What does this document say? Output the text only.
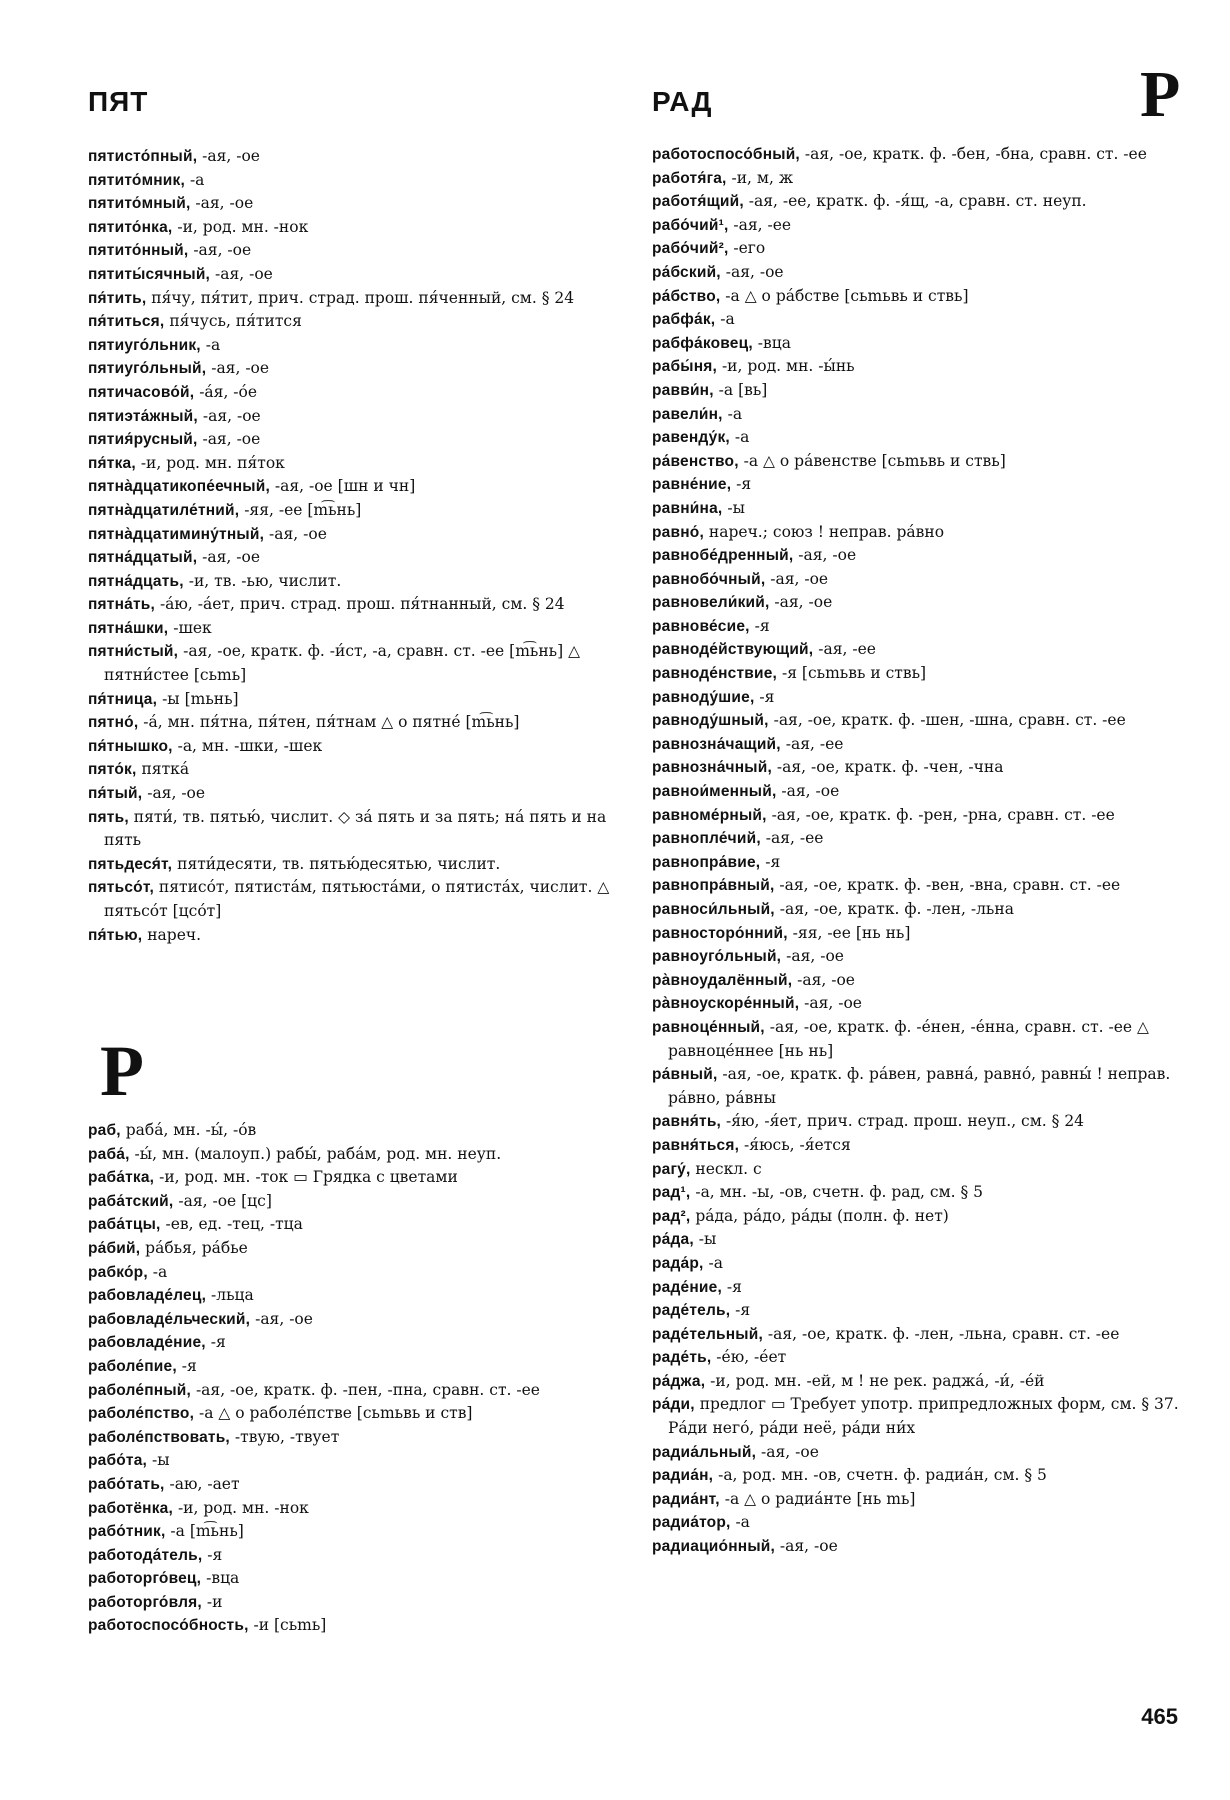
ПЯТ	РАД	Р

пятисто́пный, -ая, -ое

пятито́мник, -а

пятито́мный, -ая, -ое

пятито́нка, -и, род. мн. -нок

пятито́нный, -ая, -ое

пятиты́сячный, -ая, -ое

пя́тить, пя́чу, пя́тит, прич. страд. прош. пя́ченный, см. § 24

пя́титься, пя́чусь, пя́тится

пятиуго́льник, -а

пятиуго́льный, -ая, -ое

пятичасово́й, -а́я, -о́е

пятиэта́жный, -ая, -ое

пятия́русный, -ая, -ое

пя́тка, -и, род. мн. пя́ток

пятна̀дцатикопе́ечный, -ая, -ое [шн и чн]

пятна̀дцатиле́тний, -яя, -ее [m͡ьнь]

пятна̀дцатимину́тный, -ая, -ое

пятна́дцатый, -ая, -ое

пятна́дцать, -и, тв. -ью, числит.

пятна́ть, -а́ю, -а́ет, прич. страд. прош. пя́тнанный, см. § 24

пятна́шки, -шек

пятни́стый, -ая, -ое, кратк. ф. -и́ст, -а, сравн. ст. -ее [m͡ьнь] △ пятни́стее [cьmь]

пя́тница, -ы [mьнь]

пятно́, -а́, мн. пя́тна, пя́тен, пя́тнам △ о пятне́ [m͡ьнь]

пя́тнышко, -а, мн. -шки, -шек

пято́к, пятка́

пя́тый, -ая, -ое

пять, пяти́, тв. пятью́, числит. ◇ за́ пять и за пять; на́ пять и на пять

пятьдеся́т, пяти́десяти, тв. пятью́десятью, числит.

пятьсо́т, пятисо́т, пятиста́м, пятьюста́ми, о пятиста́х, числит. △ пятьсо́т [цсо́т]

пя́тью, нареч.

Р

раб, раба́, мн. -ы́, -о́в

раба́, -ы́, мн. (малоуп.) рабы́, раба́м, род. мн. неуп.

раба́тка, -и, род. мн. -ток ▭ Грядка с цветами

раба́тский, -ая, -ое [цс]

раба́тцы, -ев, ед. -тец, -тца

ра́бий, ра́бья, ра́бье

рабко́р, -а

рабовладе́лец, -льца

рабовладе́льческий, -ая, -ое

рабовладе́ние, -я

раболе́пие, -я

раболе́пный, -ая, -ое, кратк. ф. -пен, -пна, сравн. ст. -ее

раболе́пство, -а △ о раболе́пстве [cьmьвь и ств]

раболе́пствовать, -твую, -твует

рабо́та, -ы

рабо́тать, -аю, -ает

работёнка, -и, род. мн. -нок

рабо́тник, -а [m͡ьнь]

работода́тель, -я

работорго́вец, -вца

работорго́вля, -и

работоспосо́бность, -и [cьmь]

работоспосо́бный, -ая, -ое, кратк. ф. -бен, -бна, сравн. ст. -ее

работя́га, -и, м, ж

работя́щий, -ая, -ее, кратк. ф. -я́щ, -а, сравн. ст. неуп.

рабо́чий¹, -ая, -ее

рабо́чий², -его

ра́бский, -ая, -ое

ра́бство, -а △ о ра́бстве [cьmьвь и ствь]

рабфа́к, -а

рабфа́ковец, -вца

рабы́ня, -и, род. мн. -ы́нь

равви́н, -а [вь]

равели́н, -а

равенду́к, -а

ра́венство, -а △ о ра́венстве [cьmьвь и ствь]

равне́ние, -я

равни́на, -ы

равно́, нареч.; союз ! неправ. ра́вно

равнобе́дренный, -ая, -ое

равнобо́чный, -ая, -ое

равновели́кий, -ая, -ое

равнове́сие, -я

равноде́йствующий, -ая, -ее

равноде́нствие, -я [cьmьвь и ствь]

равноду́шие, -я

равноду́шный, -ая, -ое, кратк. ф. -шен, -шна, сравн. ст. -ее

равнозна́чащий, -ая, -ее

равнозна́чный, -ая, -ое, кратк. ф. -чен, -чна

равнои́менный, -ая, -ое

равноме́рный, -ая, -ое, кратк. ф. -рен, -рна, сравн. ст. -ее

равнопле́чий, -ая, -ее

равнопра́вие, -я

равнопра́вный, -ая, -ое, кратк. ф. -вен, -вна, сравн. ст. -ее

равноси́льный, -ая, -ое, кратк. ф. -лен, -льна

равносторо́нний, -яя, -ее [нь нь]

равноуго́льный, -ая, -ое

ра̀вноудалённый, -ая, -ое

ра̀вноускоре́нный, -ая, -ое

равноце́нный, -ая, -ое, кратк. ф. -е́нен, -е́нна, сравн. ст. -ее △ равноце́ннее [нь нь]

ра́вный, -ая, -ое, кратк. ф. ра́вен, равна́, равно́, равны́ ! неправ. ра́вно, ра́вны

равня́ть, -я́ю, -я́ет, прич. страд. прош. неуп., см. § 24

равня́ться, -я́юсь, -я́ется

рагу́, нескл. с

рад¹, -а, мн. -ы, -ов, счетн. ф. рад, см. § 5

рад², ра́да, ра́до, ра́ды (полн. ф. нет)

ра́да, -ы

рада́р, -а

раде́ние, -я

раде́тель, -я

раде́тельный, -ая, -ое, кратк. ф. -лен, -льна, сравн. ст. -ее

раде́ть, -е́ю, -е́ет

ра́джа, -и, род. мн. -ей, м ! не рек. раджа́, -и́, -е́й

ра́ди, предлог ▭ Требует употр. припредложных форм, см. § 37. Ра́ди него́, ра́ди неё, ра́ди ни́х

радиа́льный, -ая, -ое

радиа́н, -а, род. мн. -ов, счетн. ф. радиа́н, см. § 5

радиа́нт, -а △ о радиа́нте [нь mь]

радиа́тор, -а

радиацио́нный, -ая, -ое

465
